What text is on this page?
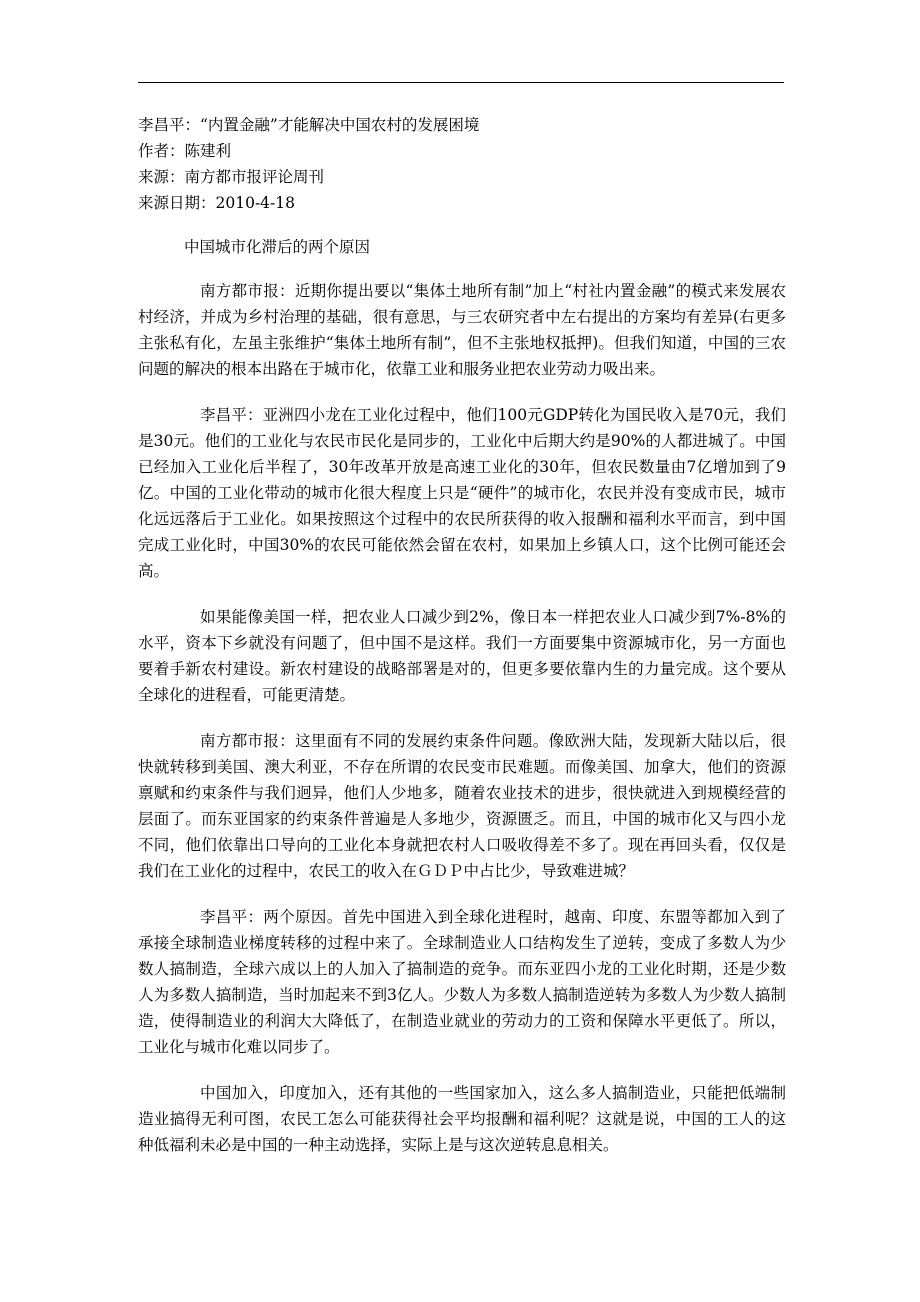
李昌平：“内置金融”才能解决中国农村的发展困境

作者：陈建利

来源：南方都市报评论周刊

来源日期：2010-4-18

中国城市化滞后的两个原因

南方都市报：近期你提出要以“集体土地所有制”加上“村社内置金融”的模式来发展农村经济，并成为乡村治理的基础，很有意思，与三农研究者中左右提出的方案均有差异(右更多主张私有化，左虽主张维护“集体土地所有制”，但不主张地权抵押)。但我们知道，中国的三农问题的解决的根本出路在于城市化，依靠工业和服务业把农业劳动力吸出来。

李昌平：亚洲四小龙在工业化过程中，他们100元GDP转化为国民收入是70元，我们是30元。他们的工业化与农民市民化是同步的，工业化中后期大约是90%的人都进城了。中国已经加入工业化后半程了，30年改革开放是高速工业化的30年，但农民数量由7亿增加到了9亿。中国的工业化带动的城市化很大程度上只是“硬件”的城市化，农民并没有变成市民，城市化远远落后于工业化。如果按照这个过程中的农民所获得的收入报酬和福利水平而言，到中国完成工业化时，中国30%的农民可能依然会留在农村，如果加上乡镇人口，这个比例可能还会高。

如果能像美国一样，把农业人口减少到2%，像日本一样把农业人口减少到7%-8%的水平，资本下乡就没有问题了，但中国不是这样。我们一方面要集中资源城市化，另一方面也要着手新农村建设。新农村建设的战略部署是对的，但更多要依靠内生的力量完成。这个要从全球化的进程看，可能更清楚。

南方都市报：这里面有不同的发展约束条件问题。像欧洲大陆，发现新大陆以后，很快就转移到美国、澳大利亚，不存在所谓的农民变市民难题。而像美国、加拿大，他们的资源禀赋和约束条件与我们迥异，他们人少地多，随着农业技术的进步，很快就进入到规模经营的层面了。而东亚国家的约束条件普遍是人多地少，资源匮乏。而且，中国的城市化又与四小龙不同，他们依靠出口导向的工业化本身就把农村人口吸收得差不多了。现在再回头看，仅仅是我们在工业化的过程中，农民工的收入在ＧＤＰ中占比少，导致难进城？

李昌平：两个原因。首先中国进入到全球化进程时，越南、印度、东盟等都加入到了承接全球制造业梯度转移的过程中来了。全球制造业人口结构发生了逆转，变成了多数人为少数人搞制造，全球六成以上的人加入了搞制造的竞争。而东亚四小龙的工业化时期，还是少数人为多数人搞制造，当时加起来不到3亿人。少数人为多数人搞制造逆转为多数人为少数人搞制造，使得制造业的利润大大降低了，在制造业就业的劳动力的工资和保障水平更低了。所以，工业化与城市化难以同步了。

中国加入，印度加入，还有其他的一些国家加入，这么多人搞制造业，只能把低端制造业搞得无利可图，农民工怎么可能获得社会平均报酬和福利呢？这就是说，中国的工人的这种低福利未必是中国的一种主动选择，实际上是与这次逆转息息相关。
